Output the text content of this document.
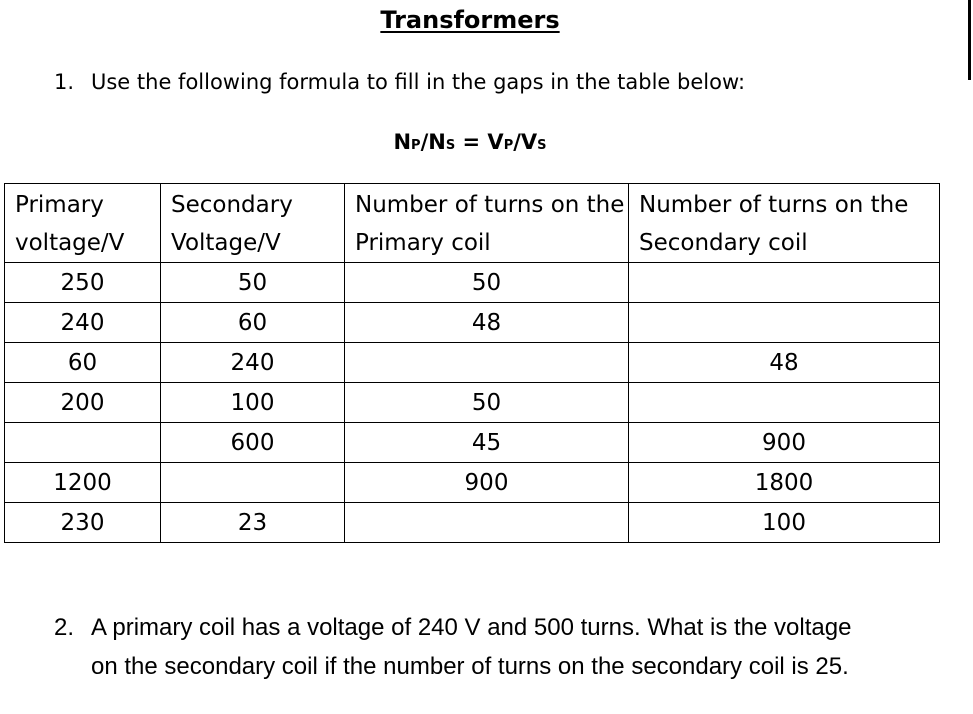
Transformers
1. Use the following formula to fill in the gaps in the table below:
NP/NS = VP/VS
Primary voltage/V	Secondary Voltage/V	Number of turns on the Primary coil	Number of turns on the Secondary coil
250	50	50	
240	60	48	
60	240		48
200	100	50	
	600	45	900
1200		900	1800
230	23		100
2. A primary coil has a voltage of 240 V and 500 turns. What is the voltage
on the secondary coil if the number of turns on the secondary coil is 25.
